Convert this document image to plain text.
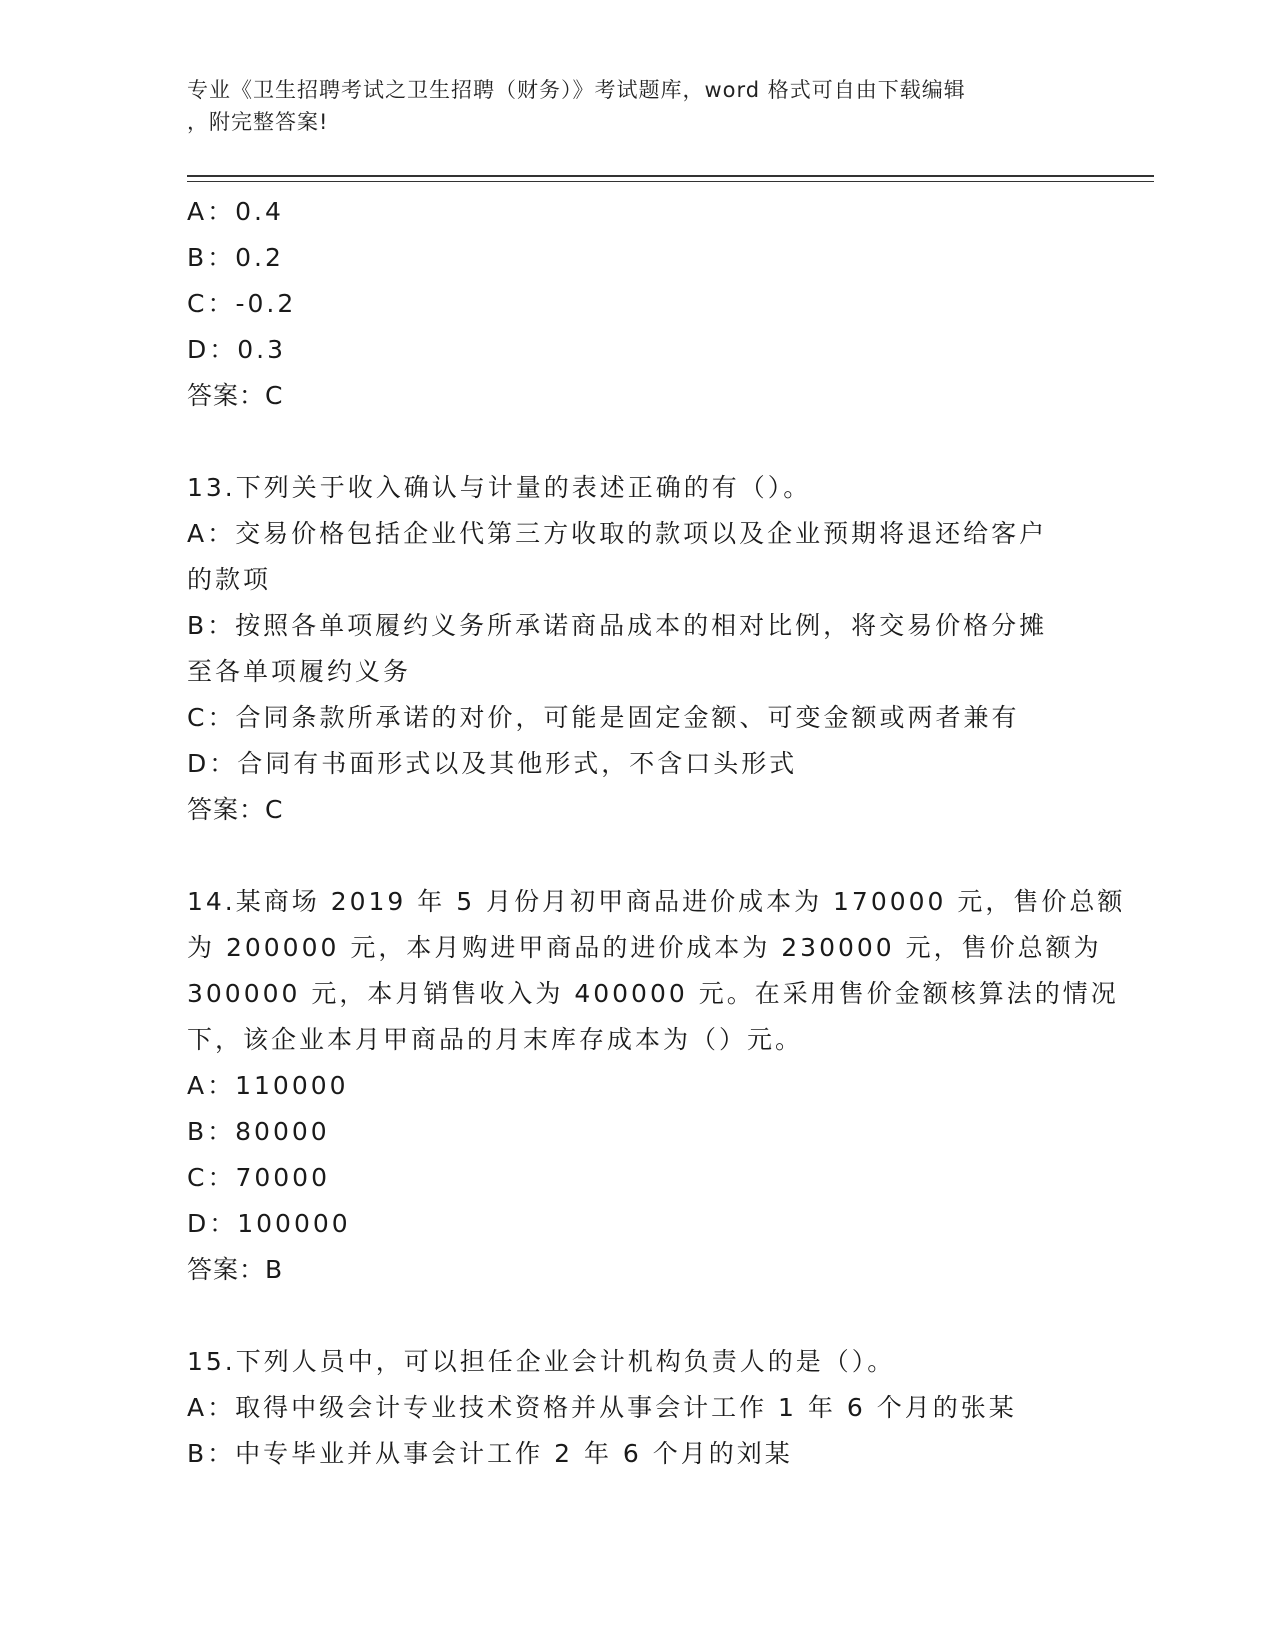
专业《卫生招聘考试之卫生招聘（财务）》考试题库，word 格式可自由下载编辑
，附完整答案!
A：0.4
B：0.2
C：-0.2
D：0.3
答案：C
13.下列关于收入确认与计量的表述正确的有（）。
A：交易价格包括企业代第三方收取的款项以及企业预期将退还给客户
的款项
B：按照各单项履约义务所承诺商品成本的相对比例，将交易价格分摊
至各单项履约义务
C：合同条款所承诺的对价，可能是固定金额、可变金额或两者兼有
D：合同有书面形式以及其他形式，不含口头形式
答案：C
14.某商场 2019 年 5 月份月初甲商品进价成本为 170000 元，售价总额
为 200000 元，本月购进甲商品的进价成本为 230000 元，售价总额为
300000 元，本月销售收入为 400000 元。在采用售价金额核算法的情况
下，该企业本月甲商品的月末库存成本为（）元。
A：110000
B：80000
C：70000
D：100000
答案：B
15.下列人员中，可以担任企业会计机构负责人的是（）。
A：取得中级会计专业技术资格并从事会计工作 1 年 6 个月的张某
B：中专毕业并从事会计工作 2 年 6 个月的刘某
